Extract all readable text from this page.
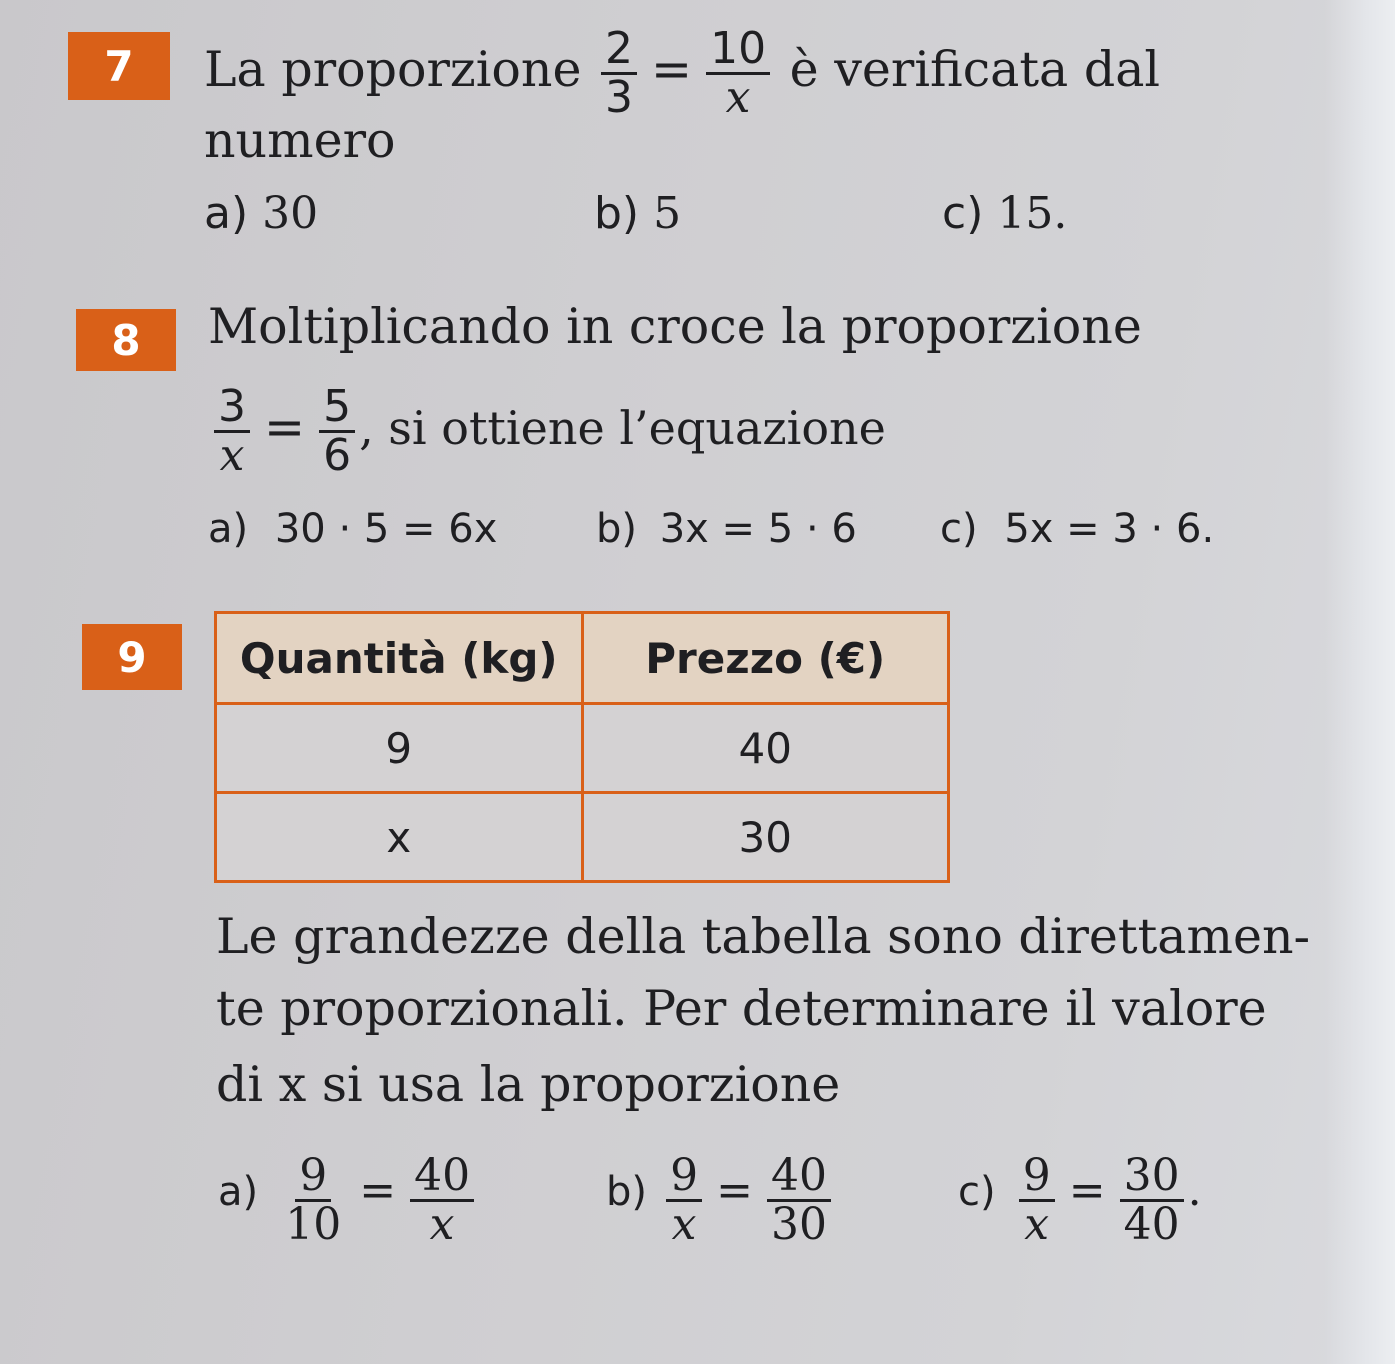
7 La proporzione $\frac{2}{3} = \frac{10}{x}$ è verificata dal
numero
a) 30	b) 5	c) 15.
8 Moltiplicando in croce la proporzione
$\frac{3}{x} = \frac{5}{6}$ , si ottiene l’equazione
a) 30 · 5 = 6x b) 3x = 5 · 6 c) 5x = 3 · 6.
9 Quantità (kg)	Prezzo (€)
9	40
x	30
Le grandezze della tabella sono direttamen-
te proporzionali. Per determinare il valore
di x si usa la proporzione
$a) \frac{9}{10} = \frac{40}{x}$	$b) \frac{9}{x} = \frac{40}{30}$	$c) \frac{9}{x} = \frac{30}{40}$ .
